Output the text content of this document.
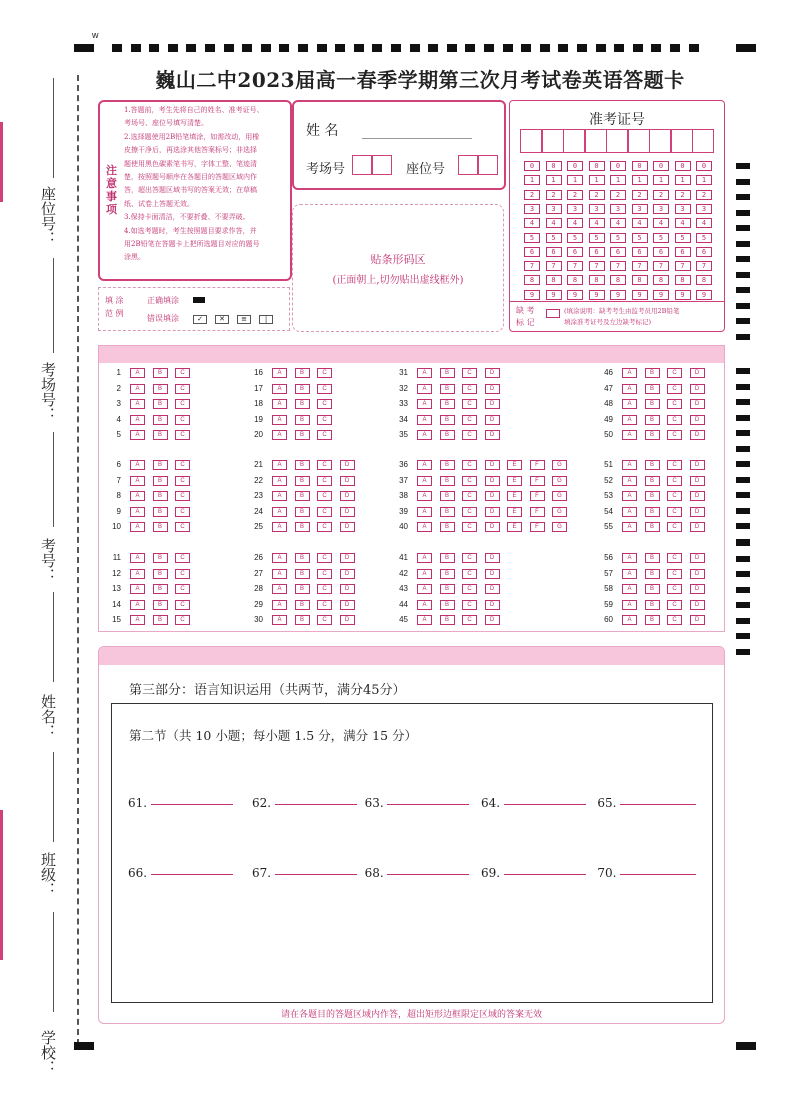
座位号：
考场号：
考号：
姓名：
班级：
学校：
w
巍山二中2023届高一春季学期第三次月考试卷英语答题卡
注
意
事
项
1.答题前，考生先将自己的姓名、准考证号、
考场号、座位号填写清楚。
2.选择题使用2B铅笔填涂，如需改动，用橡
皮擦干净后，再选涂其他答案标号；非选择
题使用黑色碳素笔书写，字体工整、笔迹清
楚，按照题号顺序在各题目的答题区域内作
答，超出答题区域书写的答案无效；在草稿
纸、试卷上答题无效。
3.保持卡面清洁，不要折叠、不要弄破。
4.如选考题时，考生按照题目要求作答，并
用2B铅笔在答题卡上把所选题目对应的题号
涂黑。
姓 名
考场号	座位号
贴条形码区
(正面朝上,切勿贴出虚线框外)
填 涂
范 例
正确填涂
错误填涂	✓	✕	≡	|
准考证号
0	0	0	0	0	0	0	0	0
1	1	1	1	1	1	1	1	1
2	2	2	2	2	2	2	2	2
3	3	3	3	3	3	3	3	3
4	4	4	4	4	4	4	4	4
5	5	5	5	5	5	5	5	5
6	6	6	6	6	6	6	6	6
7	7	7	7	7	7	7	7	7
8	8	8	8	8	8	8	8	8
9	9	9	9	9	9	9	9	9
缺 考
标 记
(填涂说明：缺考考生由监考员用2B铅笔
填涂准考证号及左边缺考标记)
1	A	B	C
2	A	B	C
3	A	B	C
4	A	B	C
5	A	B	C
16	A	B	C
17	A	B	C
18	A	B	C
19	A	B	C
20	A	B	C
31	A	B	C	D
32	A	B	C	D
33	A	B	C	D
34	A	B	C	D
35	A	B	C	D
46	A	B	C	D
47	A	B	C	D
48	A	B	C	D
49	A	B	C	D
50	A	B	C	D
6	A	B	C
7	A	B	C
8	A	B	C
9	A	B	C
10	A	B	C
21	A	B	C	D
22	A	B	C	D
23	A	B	C	D
24	A	B	C	D
25	A	B	C	D
36	A	B	C	D	E	F	G
37	A	B	C	D	E	F	G
38	A	B	C	D	E	F	G
39	A	B	C	D	E	F	G
40	A	B	C	D	E	F	G
51	A	B	C	D
52	A	B	C	D
53	A	B	C	D
54	A	B	C	D
55	A	B	C	D
11	A	B	C
12	A	B	C
13	A	B	C
14	A	B	C
15	A	B	C
26	A	B	C	D
27	A	B	C	D
28	A	B	C	D
29	A	B	C	D
30	A	B	C	D
41	A	B	C	D
42	A	B	C	D
43	A	B	C	D
44	A	B	C	D
45	A	B	C	D
56	A	B	C	D
57	A	B	C	D
58	A	B	C	D
59	A	B	C	D
60	A	B	C	D
第三部分：语言知识运用（共两节，满分45分）
第二节（共 10 小题；每小题 1.5 分，满分 15 分）
61.	62.	63.	64.	65.
66.	67.	68.	69.	70.
请在各题目的答题区域内作答，超出矩形边框限定区域的答案无效
